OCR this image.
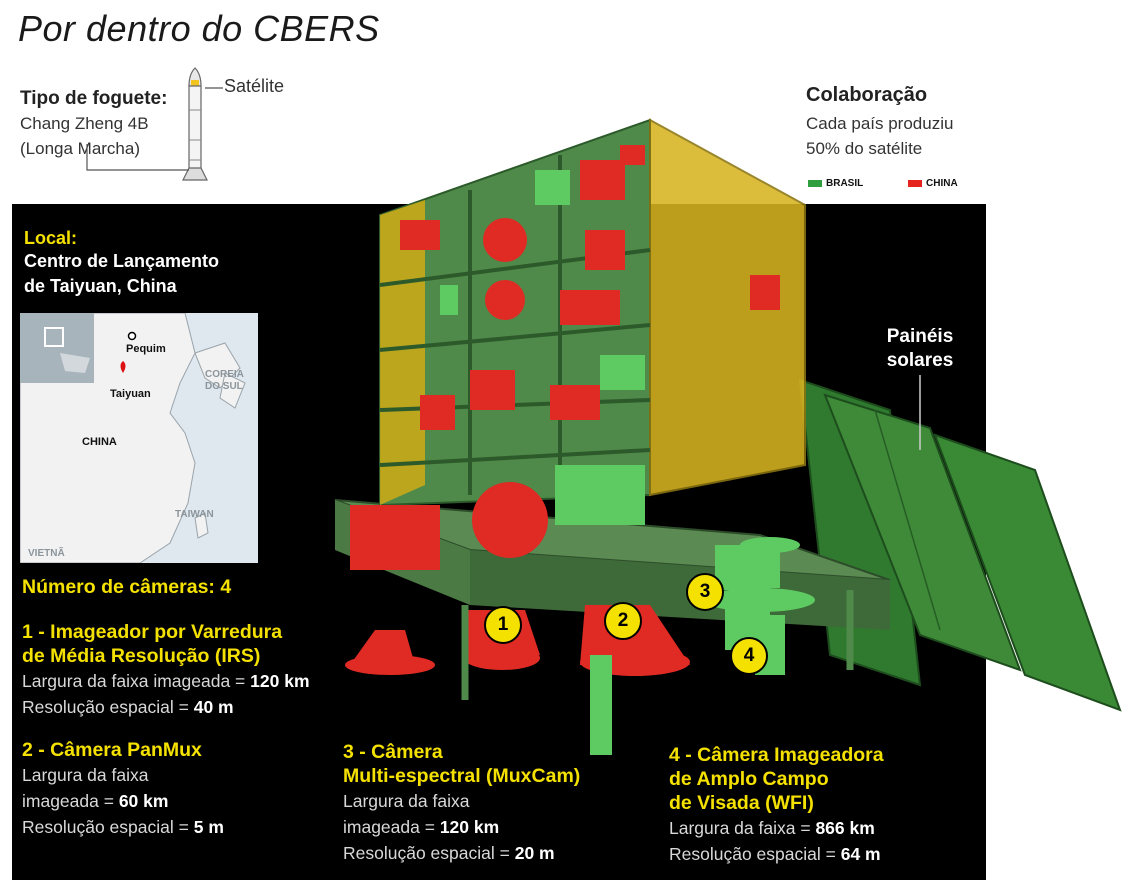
Por dentro do CBERS
Tipo de foguete:
Chang Zheng 4B
(Longa Marcha)
Satélite	Colaboração
Cada país produziu
50% do satélite
BRASIL	CHINA
Local:
Centro de Lançamento
de Taiyuan, China
Pequim
Taiyuan
CHINA
COREIA
DO SUL
TAIWAN
VIETNÃ
Painéis
solares
1	2
3
4
Número de câmeras: 4
1 - Imageador por Varredura
de Média Resolução (IRS)
Largura da faixa imageada = 120 km
Resolução espacial = 40 m
2 - Câmera PanMux
Largura da faixa
imageada = 60 km
Resolução espacial = 5 m
3 - Câmera
Multi-espectral (MuxCam)
Largura da faixa
imageada = 120 km
Resolução espacial = 20 m
4 - Câmera Imageadora
de Amplo Campo
de Visada (WFI)
Largura da faixa = 866 km
Resolução espacial = 64 m
